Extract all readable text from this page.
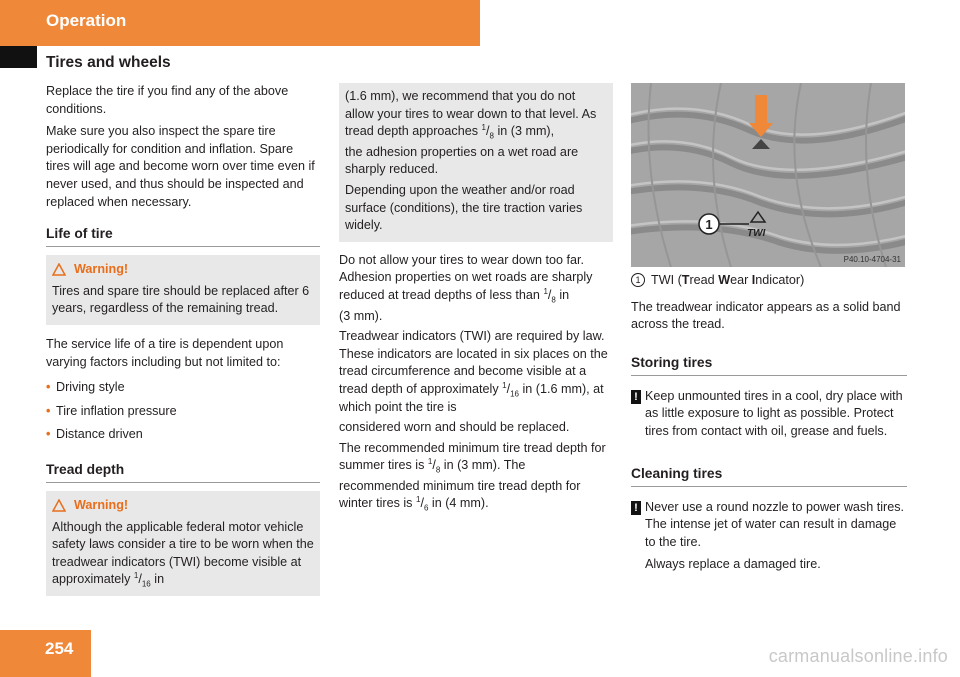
Operation
Tires and wheels

Replace the tire if you find any of the above conditions.

Make sure you also inspect the spare tire periodically for condition and inflation. Spare tires will age and become worn over time even if never used, and thus should be inspected and replaced when necessary.

Life of tire
Warning!
Tires and spare tire should be replaced after 6 years, regardless of the remaining tread.

The service life of a tire is dependent upon varying factors including but not limited to:

• Driving style
• Tire inflation pressure
• Distance driven
Tread depth
Warning!
Although the applicable federal motor vehicle safety laws consider a tire to be worn when the treadwear indicators (TWI) become visible at approximately $^1/_{16}$ in

(1.6 mm), we recommend that you do not allow your tires to wear down to that level. As tread depth approaches $^1/_8$ in (3 mm),

the adhesion properties on a wet road are sharply reduced.

Depending upon the weather and/or road surface (conditions), the tire traction varies widely.

Do not allow your tires to wear down too far. Adhesion properties on wet roads are sharply reduced at tread depths of less than $^1/_8$ in

(3 mm).

Treadwear indicators (TWI) are required by law. These indicators are located in six places on the tread circumference and become visible at a tread depth of approximately $^1/_{16}$ in (1.6 mm), at which point the tire is

considered worn and should be replaced.

The recommended minimum tire tread depth for summer tires is $^1/_8$ in (3 mm). The

recommended minimum tire tread depth for winter tires is $^1/_6$ in (4 mm).

1
TWI
P40.10-4704-31

1 TWI (Tread Wear Indicator)

The treadwear indicator appears as a solid band across the tread.

Storing tires
! Keep unmounted tires in a cool, dry place with as little exposure to light as possible. Protect tires from contact with oil, grease and fuels.
Cleaning tires
! Never use a round nozzle to power wash tires. The intense jet of water can result in damage to the tire.

Always replace a damaged tire.

254	carmanualsonline.info
